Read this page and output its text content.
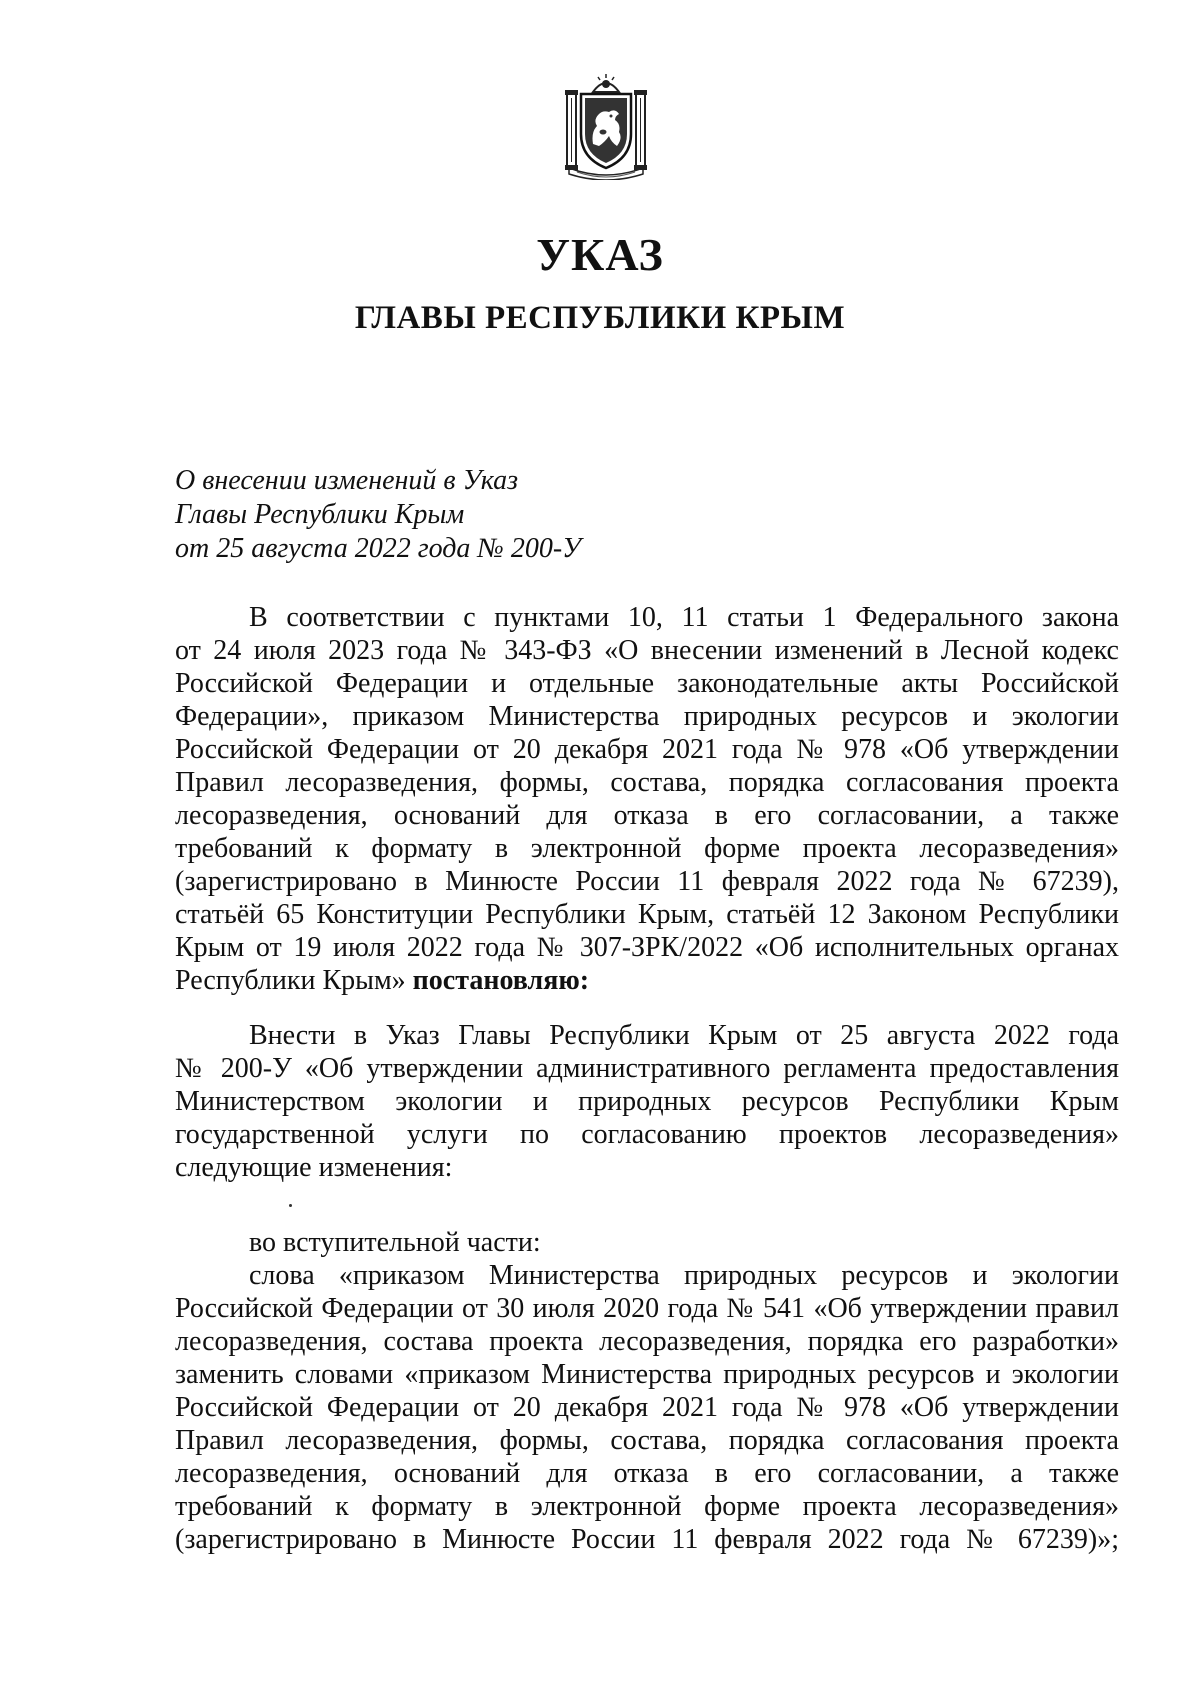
УКАЗ
ГЛАВЫ РЕСПУБЛИКИ КРЫМ
О внесении изменений в Указ
Главы Республики Крым
от 25 августа 2022 года № 200-У
В соответствии с пунктами 10, 11 статьи 1 Федерального закона
от 24 июля 2023 года № 343-ФЗ «О внесении изменений в Лесной кодекс
Российской Федерации и отдельные законодательные акты Российской
Федерации», приказом Министерства природных ресурсов и экологии
Российской Федерации от 20 декабря 2021 года № 978 «Об утверждении
Правил лесоразведения, формы, состава, порядка согласования проекта
лесоразведения, оснований для отказа в его согласовании, а также
требований к формату в электронной форме проекта лесоразведения»
(зарегистрировано в Минюсте России 11 февраля 2022 года № 67239),
статьёй 65 Конституции Республики Крым, статьёй 12 Законом Республики
Крым от 19 июля 2022 года № 307-ЗРК/2022 «Об исполнительных органах
Республики Крым» постановляю:
Внести в Указ Главы Республики Крым от 25 августа 2022 года
№ 200-У «Об утверждении административного регламента предоставления
Министерством экологии и природных ресурсов Республики Крым
государственной услуги по согласованию проектов лесоразведения»
следующие изменения:
во вступительной части:
слова «приказом Министерства природных ресурсов и экологии
Российской Федерации от 30 июля 2020 года № 541 «Об утверждении правил
лесоразведения, состава проекта лесоразведения, порядка его разработки»
заменить словами «приказом Министерства природных ресурсов и экологии
Российской Федерации от 20 декабря 2021 года № 978 «Об утверждении
Правил лесоразведения, формы, состава, порядка согласования проекта
лесоразведения, оснований для отказа в его согласовании, а также
требований к формату в электронной форме проекта лесоразведения»
(зарегистрировано в Минюсте России 11 февраля 2022 года № 67239)»;
